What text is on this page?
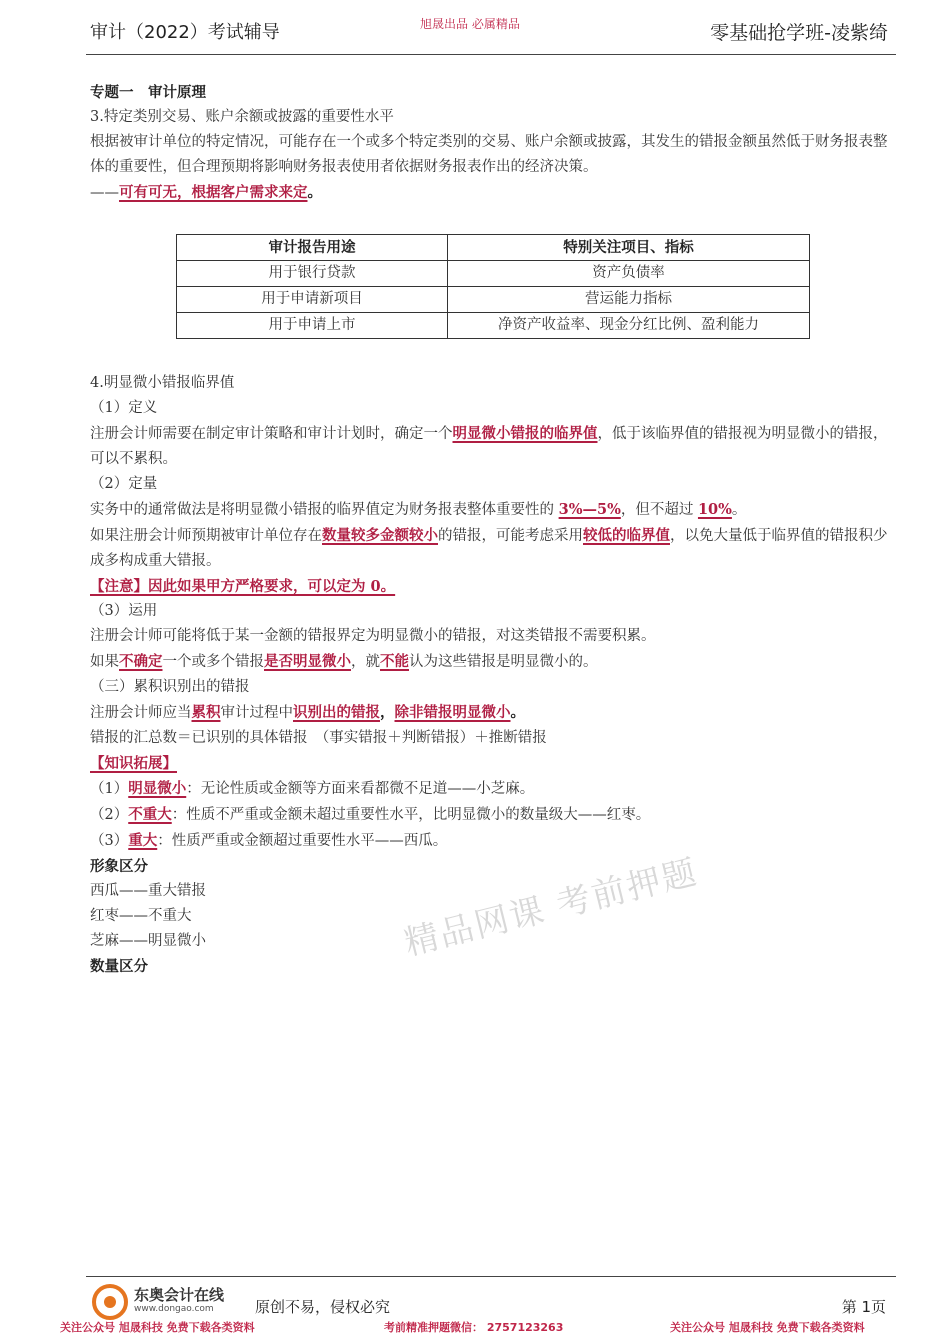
审计（2022）考试辅导	旭晟出品 必属精品	零基础抢学班-凌紫绮

专题一　审计原理

3.特定类别交易、账户余额或披露的重要性水平

根据被审计单位的特定情况，可能存在一个或多个特定类别的交易、账户余额或披露，其发生的错报金额虽然低于财务报表整体的重要性，但合理预期将影响财务报表使用者依据财务报表作出的经济决策。

——可有可无，根据客户需求来定。

审计报告用途	特别关注项目、指标
用于银行贷款	资产负债率
用于申请新项目	营运能力指标
用于申请上市	净资产收益率、现金分红比例、盈利能力

4.明显微小错报临界值

（1）定义

注册会计师需要在制定审计策略和审计计划时，确定一个明显微小错报的临界值，低于该临界值的错报视为明显微小的错报，可以不累积。

（2）定量

实务中的通常做法是将明显微小错报的临界值定为财务报表整体重要性的 3%—5%，但不超过 10%。

如果注册会计师预期被审计单位存在数量较多金额较小的错报，可能考虑采用较低的临界值，以免大量低于临界值的错报积少成多构成重大错报。

【注意】因此如果甲方严格要求，可以定为 0。

（3）运用

注册会计师可能将低于某一金额的错报界定为明显微小的错报，对这类错报不需要积累。

如果不确定一个或多个错报是否明显微小，就不能认为这些错报是明显微小的。

（三）累积识别出的错报

注册会计师应当累积审计过程中识别出的错报，除非错报明显微小。

错报的汇总数＝已识别的具体错报　（事实错报＋判断错报）＋推断错报

【知识拓展】

（1）明显微小：无论性质或金额等方面来看都微不足道——小芝麻。

（2）不重大：性质不严重或金额未超过重要性水平，比明显微小的数量级大——红枣。

（3）重大：性质严重或金额超过重要性水平——西瓜。

形象区分

西瓜——重大错报

红枣——不重大

芝麻——明显微小

数量区分

精品网课 考前押题
东奥会计在线
www.dongao.com	原创不易，侵权必究	第 1页
关注公众号 旭晟科技 免费下载各类资料	考前精准押题微信： 2757123263	关注公众号 旭晟科技 免费下载各类资料
